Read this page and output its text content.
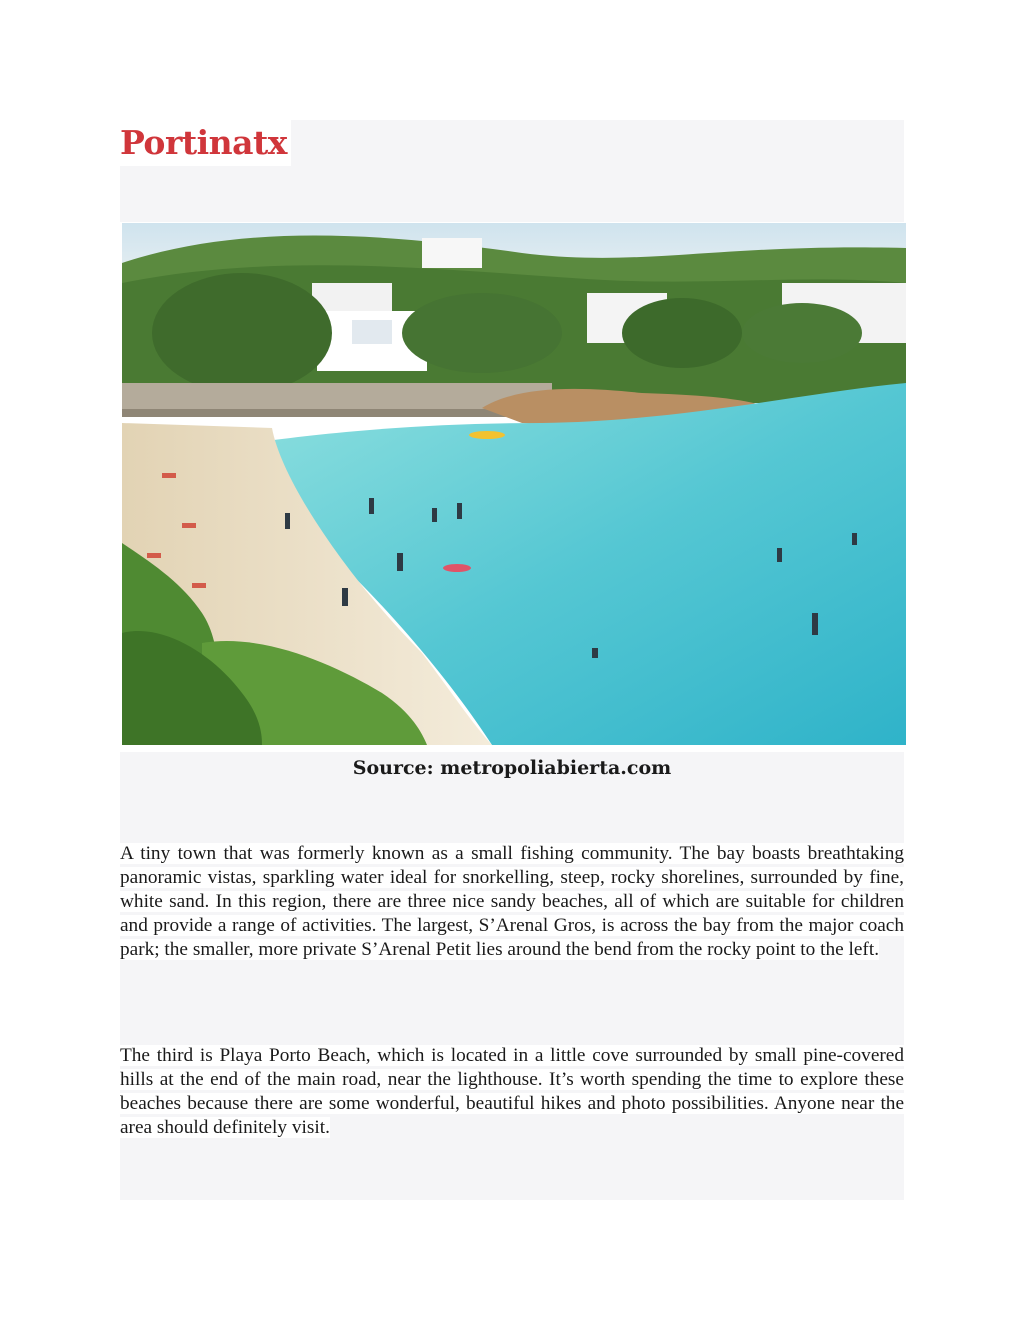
Portinatx
Source: metropoliabierta.com

A tiny town that was formerly known as a small fishing community. The bay boasts breathtaking panoramic vistas, sparkling water ideal for snorkelling, steep, rocky shorelines, surrounded by fine, white sand. In this region, there are three nice sandy beaches, all of which are suitable for children and provide a range of activities. The largest, S’Arenal Gros, is across the bay from the major coach park; the smaller, more private S’Arenal Petit lies around the bend from the rocky point to the left.

The third is Playa Porto Beach, which is located in a little cove surrounded by small pine-covered hills at the end of the main road, near the lighthouse. It’s worth spending the time to explore these beaches because there are some wonderful, beautiful hikes and photo possibilities. Anyone near the area should definitely visit.
